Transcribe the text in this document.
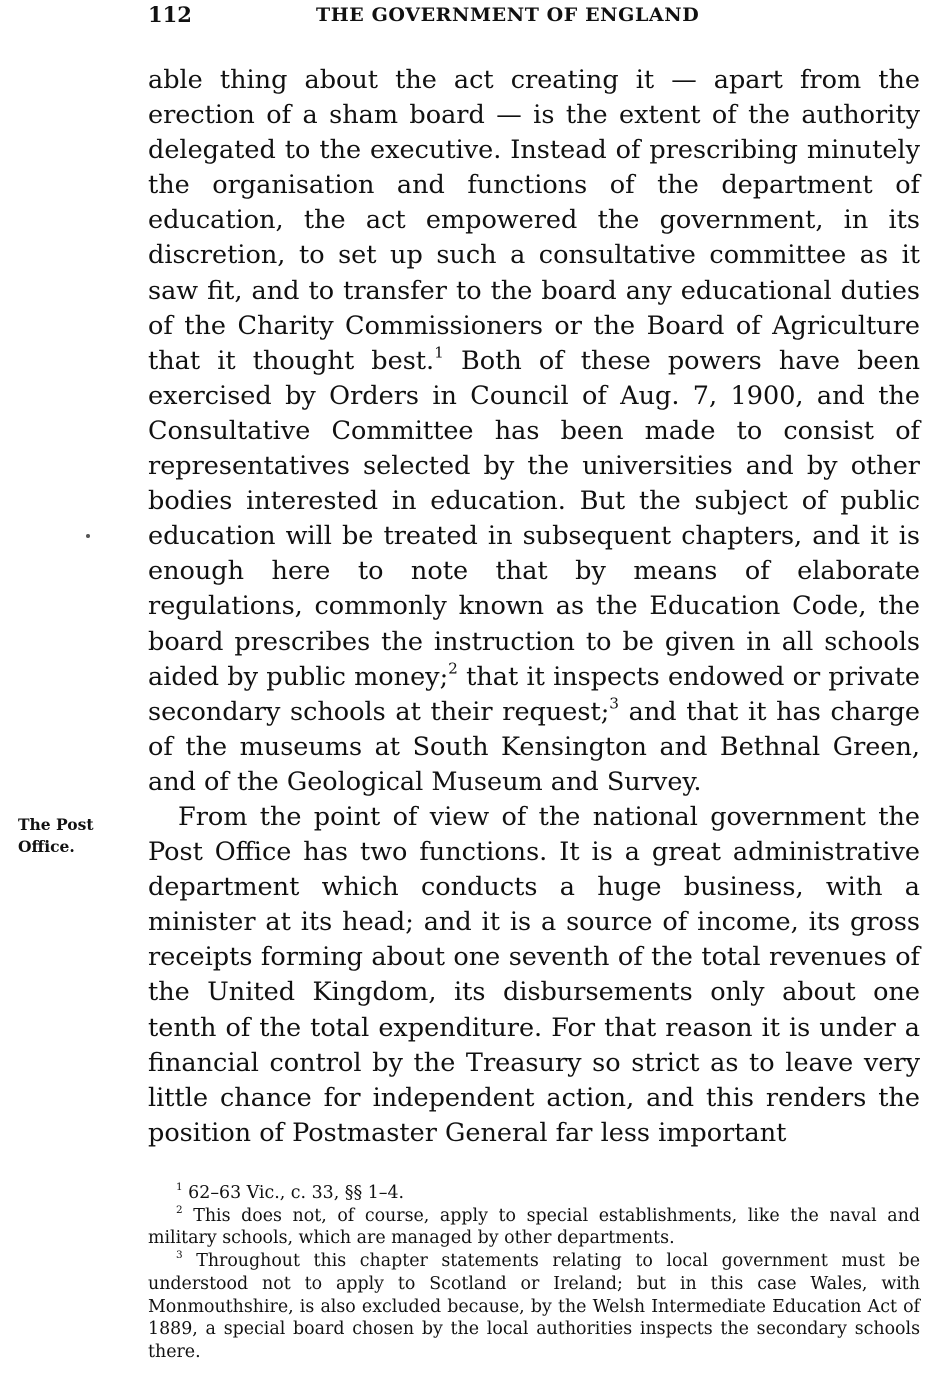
112	THE GOVERNMENT OF ENGLAND
The Post
Office.

able thing about the act creating it — apart from the erection of a sham board — is the extent of the authority delegated to the executive. Instead of prescribing minutely the organisation and functions of the department of education, the act empowered the government, in its discretion, to set up such a consultative committee as it saw fit, and to transfer to the board any educational duties of the Charity Commissioners or the Board of Agriculture that it thought best.$^1$ Both of these powers have been exercised by Orders in Council of Aug. 7, 1900, and the Consultative Committee has been made to consist of representatives selected by the universities and by other bodies interested in education. But the subject of public education will be treated in subsequent chapters, and it is enough here to note that by means of elaborate regulations, commonly known as the Education Code, the board prescribes the instruction to be given in all schools aided by public money;$^2$ that it inspects endowed or private secondary schools at their request;$^3$ and that it has charge of the museums at South Kensington and Bethnal Green, and of the Geological Museum and Survey.

From the point of view of the national government the Post Office has two functions. It is a great administrative department which conducts a huge business, with a minister at its head; and it is a source of income, its gross receipts forming about one seventh of the total revenues of the United Kingdom, its disbursements only about one tenth of the total expenditure. For that reason it is under a financial control by the Treasury so strict as to leave very little chance for independent action, and this renders the position of Postmaster General far less important

$^1$ 62–63 Vic., c. 33, §§ 1–4.

$^2$ This does not, of course, apply to special establishments, like the naval and military schools, which are managed by other departments.

$^3$ Throughout this chapter statements relating to local government must be understood not to apply to Scotland or Ireland; but in this case Wales, with Monmouthshire, is also excluded because, by the Welsh Intermediate Education Act of 1889, a special board chosen by the local authorities inspects the secondary schools there.
